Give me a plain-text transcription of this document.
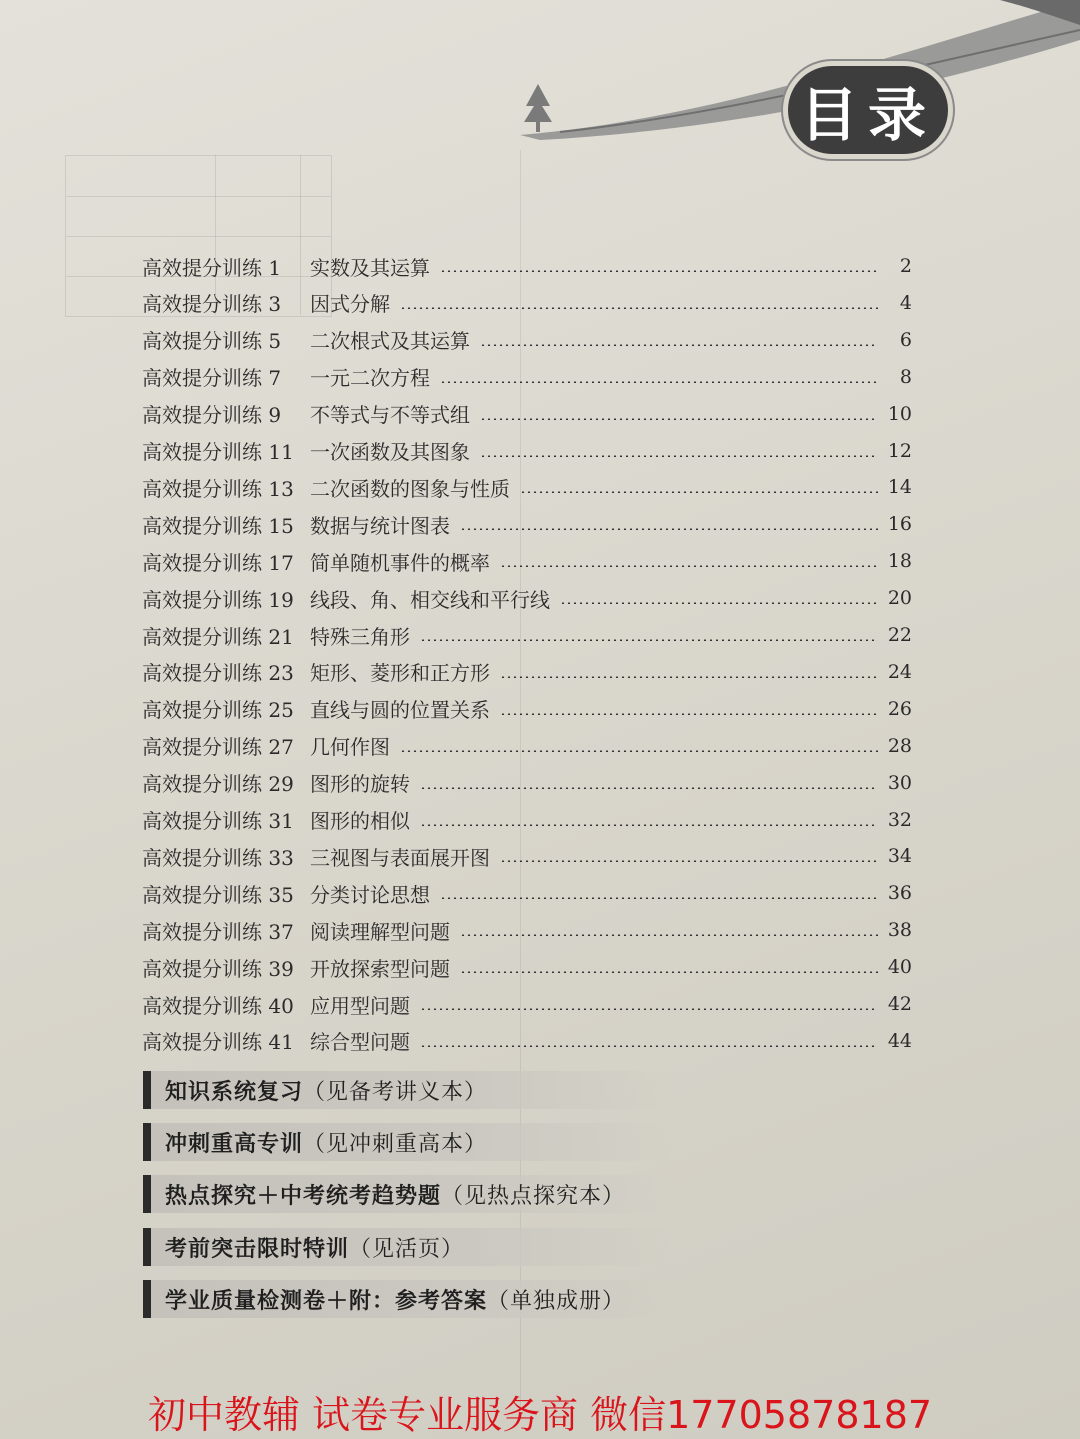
目录
高效提分训练 1	实数及其运算	2
高效提分训练 3	因式分解	4
高效提分训练 5	二次根式及其运算	6
高效提分训练 7	一元二次方程	8
高效提分训练 9	不等式与不等式组	10
高效提分训练 11 一次函数及其图象	12
高效提分训练 13 二次函数的图象与性质	14
高效提分训练 15 数据与统计图表	16
高效提分训练 17 简单随机事件的概率	18
高效提分训练 19 线段、角、相交线和平行线	20
高效提分训练 21 特殊三角形	22
高效提分训练 23 矩形、菱形和正方形	24
高效提分训练 25 直线与圆的位置关系	26
高效提分训练 27 几何作图	28
高效提分训练 29 图形的旋转	30
高效提分训练 31 图形的相似	32
高效提分训练 33 三视图与表面展开图	34
高效提分训练 35 分类讨论思想	36
高效提分训练 37 阅读理解型问题	38
高效提分训练 39 开放探索型问题	40
高效提分训练 40 应用型问题	42
高效提分训练 41 综合型问题	44
知识系统复习（见备考讲义本）
冲刺重高专训（见冲刺重高本）
热点探究＋中考统考趋势题（见热点探究本）
考前突击限时特训（见活页）
学业质量检测卷＋附：参考答案（单独成册）
初中教辅 试卷专业服务商 微信17705878187
